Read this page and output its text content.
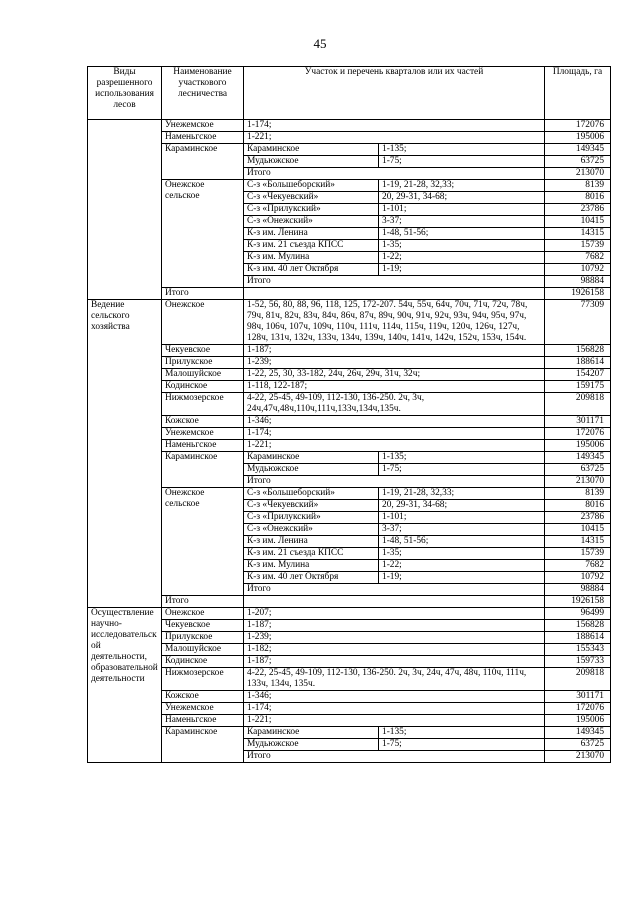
45
Виды разрешенного использования лесов	Наименование участкового лесничества	Участок и перечень кварталов или их частей		Площадь, га
	Унежемское	1-174;		172076
	Наменьгское	1-221;		195006
	Караминское	Караминское	1-135;	149345
		Мудьюжское	1-75;	63725
		Итого		213070
	Онежское сельское	С-з «Большеборский»	1-19, 21-28, 32,33;	8139
		С-з «Чекуевский»	20, 29-31, 34-68;	8016
		С-з «Прилукский»	1-101;	23786
		С-з «Онежский»	3-37;	10415
		К-з им. Ленина	1-48, 51-56;	14315
		К-з им. 21 съезда КПСС	1-35;	15739
		К-з им. Мулина	1-22;	7682
		К-з им. 40 лет Октября	1-19;	10792
		Итого		98884
	Итого			1926158
Ведение сельского хозяйства	Онежское	1-52, 56, 80, 88, 96, 118, 125, 172-207. 54ч, 55ч, 64ч, 70ч, 71ч, 72ч, 78ч, 79ч, 81ч, 82ч, 83ч, 84ч, 86ч, 87ч, 89ч, 90ч, 91ч, 92ч, 93ч, 94ч, 95ч, 97ч, 98ч, 106ч, 107ч, 109ч, 110ч, 111ч, 114ч, 115ч, 119ч, 120ч, 126ч, 127ч, 128ч, 131ч, 132ч, 133ч, 134ч, 139ч, 140ч, 141ч, 142ч, 152ч, 153ч, 154ч.		77309
	Чекуевское	1-187;		156828
	Прилукское	1-239;		188614
	Малошуйское	1-22, 25, 30, 33-182, 24ч, 26ч, 29ч, 31ч, 32ч;		154207
	Кодинское	1-118, 122-187;		159175
	Нижмозерское	4-22, 25-45, 49-109, 112-130, 136-250. 2ч, 3ч, 24ч,47ч,48ч,110ч,111ч,133ч,134ч,135ч.		209818
	Кожское	1-346;		301171
	Унежемское	1-174;		172076
	Наменьгское	1-221;		195006
	Караминское	Караминское	1-135;	149345
		Мудьюжское	1-75;	63725
		Итого		213070
	Онежское сельское	С-з «Большеборский»	1-19, 21-28, 32,33;	8139
		С-з «Чекуевский»	20, 29-31, 34-68;	8016
		С-з «Прилукский»	1-101;	23786
		С-з «Онежский»	3-37;	10415
		К-з им. Ленина	1-48, 51-56;	14315
		К-з им. 21 съезда КПСС	1-35;	15739
		К-з им. Мулина	1-22;	7682
		К-з им. 40 лет Октября	1-19;	10792
		Итого		98884
	Итого			1926158
Осуществление научно-исследовательской деятельности, образовательной деятельности	Онежское	1-207;		96499
	Чекуевское	1-187;		156828
	Прилукское	1-239;		188614
	Малошуйское	1-182;		155343
	Кодинское	1-187;		159733
	Нижмозерское	4-22, 25-45, 49-109, 112-130, 136-250. 2ч, 3ч, 24ч, 47ч, 48ч, 110ч, 111ч, 133ч, 134ч, 135ч.		209818
	Кожское	1-346;		301171
	Унежемское	1-174;		172076
	Наменьгское	1-221;		195006
	Караминское	Караминское	1-135;	149345
		Мудьюжское	1-75;	63725
		Итого		213070
